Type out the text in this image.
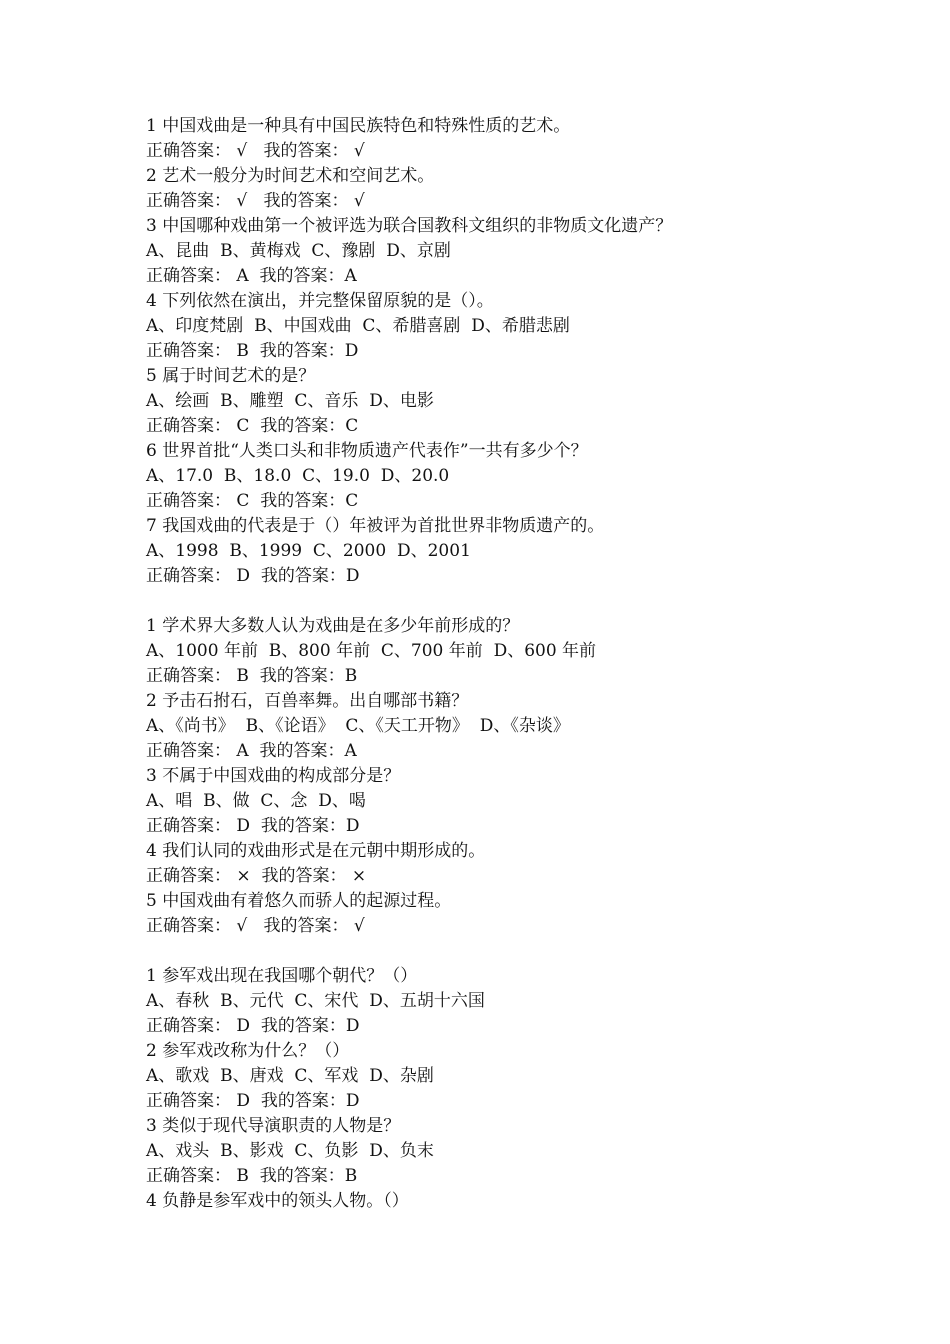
1 中国戏曲是一种具有中国民族特色和特殊性质的艺术。
正确答案： √   我的答案： √
2 艺术一般分为时间艺术和空间艺术。
正确答案： √   我的答案： √
3 中国哪种戏曲第一个被评选为联合国教科文组织的非物质文化遗产？
A、昆曲  B、黄梅戏  C、豫剧  D、京剧
正确答案： A  我的答案：A
4 下列依然在演出，并完整保留原貌的是（）。
A、印度梵剧  B、中国戏曲  C、希腊喜剧  D、希腊悲剧
正确答案： B  我的答案：D
5 属于时间艺术的是？
A、绘画  B、雕塑  C、音乐  D、电影
正确答案： C  我的答案：C
6 世界首批“人类口头和非物质遗产代表作”一共有多少个？
A、17.0  B、18.0  C、19.0  D、20.0
正确答案： C  我的答案：C
7 我国戏曲的代表是于（）年被评为首批世界非物质遗产的。
A、1998  B、1999  C、2000  D、2001
正确答案： D  我的答案：D
1 学术界大多数人认为戏曲是在多少年前形成的？
A、1000 年前  B、800 年前  C、700 年前  D、600 年前
正确答案： B  我的答案：B
2 予击石拊石，百兽率舞。出自哪部书籍？
A、《尚书》  B、《论语》  C、《天工开物》  D、《杂谈》
正确答案： A  我的答案：A
3 不属于中国戏曲的构成部分是？
A、唱  B、做  C、念  D、喝
正确答案： D  我的答案：D
4 我们认同的戏曲形式是在元朝中期形成的。
正确答案： ×  我的答案： ×
5 中国戏曲有着悠久而骄人的起源过程。
正确答案： √   我的答案： √
1 参军戏出现在我国哪个朝代？（）
A、春秋  B、元代  C、宋代  D、五胡十六国
正确答案： D  我的答案：D
2 参军戏改称为什么？（）
A、歌戏  B、唐戏  C、军戏  D、杂剧
正确答案： D  我的答案：D
3 类似于现代导演职责的人物是？
A、戏头  B、影戏  C、负影  D、负末
正确答案： B  我的答案：B
4 负静是参军戏中的领头人物。（）
